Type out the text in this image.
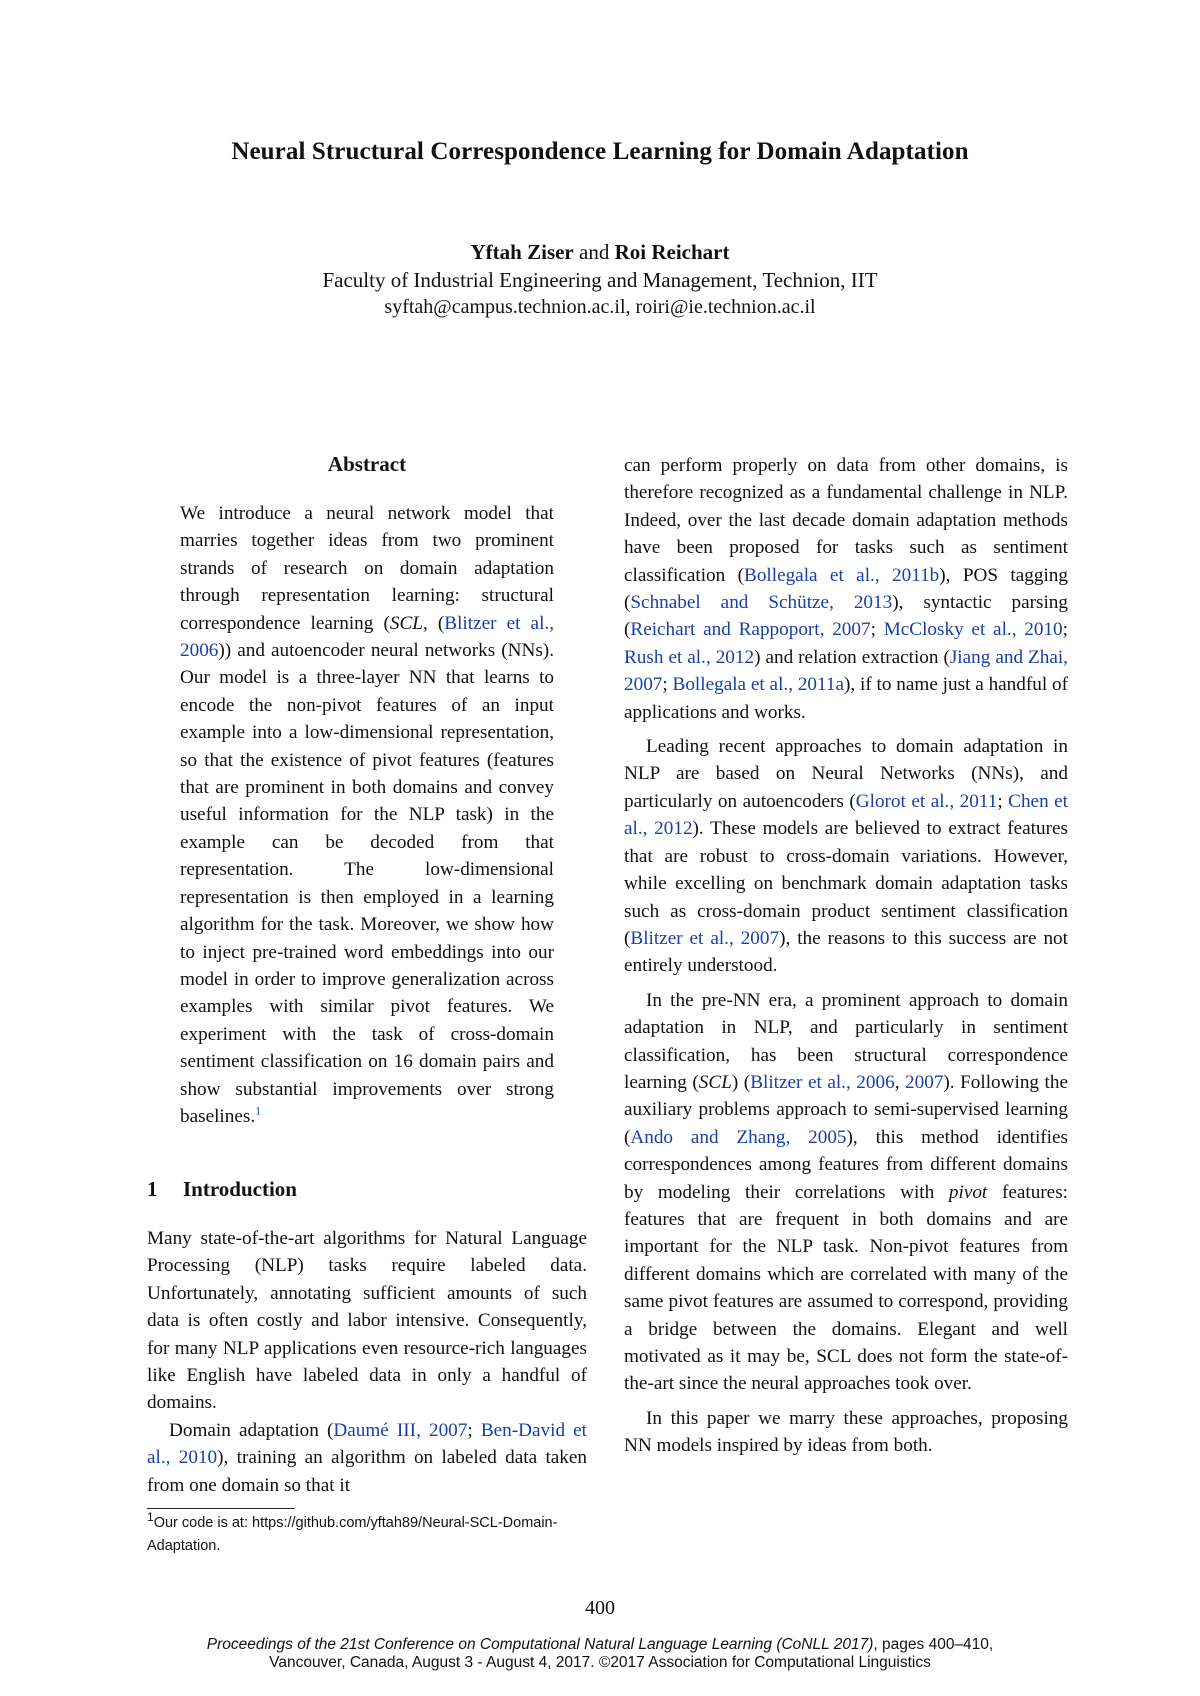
Neural Structural Correspondence Learning for Domain Adaptation
Yftah Ziser and Roi Reichart
Faculty of Industrial Engineering and Management, Technion, IIT
syftah@campus.technion.ac.il, roiri@ie.technion.ac.il
Abstract
We introduce a neural network model that marries together ideas from two prominent strands of research on domain adaptation through representation learning: structural correspondence learning (SCL, (Blitzer et al., 2006)) and autoencoder neural networks (NNs). Our model is a three-layer NN that learns to encode the non-pivot features of an input example into a low-dimensional representation, so that the existence of pivot features (features that are prominent in both domains and convey useful information for the NLP task) in the example can be decoded from that representation. The low-dimensional representation is then employed in a learning algorithm for the task. Moreover, we show how to inject pre-trained word embeddings into our model in order to improve generalization across examples with similar pivot features. We experiment with the task of cross-domain sentiment classification on 16 domain pairs and show substantial improvements over strong baselines.$^1$
1 Introduction

Many state-of-the-art algorithms for Natural Language Processing (NLP) tasks require labeled data. Unfortunately, annotating sufficient amounts of such data is often costly and labor intensive. Consequently, for many NLP applications even resource-rich languages like English have labeled data in only a handful of domains.

Domain adaptation (Daumé III, 2007; Ben-David et al., 2010), training an algorithm on labeled data taken from one domain so that it

$^1$Our code is at: https://github.com/yftah89/Neural-SCL-Domain-Adaptation.

can perform properly on data from other domains, is therefore recognized as a fundamental challenge in NLP. Indeed, over the last decade domain adaptation methods have been proposed for tasks such as sentiment classification (Bollegala et al., 2011b), POS tagging (Schnabel and Schütze, 2013), syntactic parsing (Reichart and Rappoport, 2007; McClosky et al., 2010; Rush et al., 2012) and relation extraction (Jiang and Zhai, 2007; Bollegala et al., 2011a), if to name just a handful of applications and works.

Leading recent approaches to domain adaptation in NLP are based on Neural Networks (NNs), and particularly on autoencoders (Glorot et al., 2011; Chen et al., 2012). These models are believed to extract features that are robust to cross-domain variations. However, while excelling on benchmark domain adaptation tasks such as cross-domain product sentiment classification (Blitzer et al., 2007), the reasons to this success are not entirely understood.

In the pre-NN era, a prominent approach to domain adaptation in NLP, and particularly in sentiment classification, has been structural correspondence learning (SCL) (Blitzer et al., 2006, 2007). Following the auxiliary problems approach to semi-supervised learning (Ando and Zhang, 2005), this method identifies correspondences among features from different domains by modeling their correlations with pivot features: features that are frequent in both domains and are important for the NLP task. Non-pivot features from different domains which are correlated with many of the same pivot features are assumed to correspond, providing a bridge between the domains. Elegant and well motivated as it may be, SCL does not form the state-of-the-art since the neural approaches took over.

In this paper we marry these approaches, proposing NN models inspired by ideas from both.

400
Proceedings of the 21st Conference on Computational Natural Language Learning (CoNLL 2017), pages 400–410,
Vancouver, Canada, August 3 - August 4, 2017. ©2017 Association for Computational Linguistics
